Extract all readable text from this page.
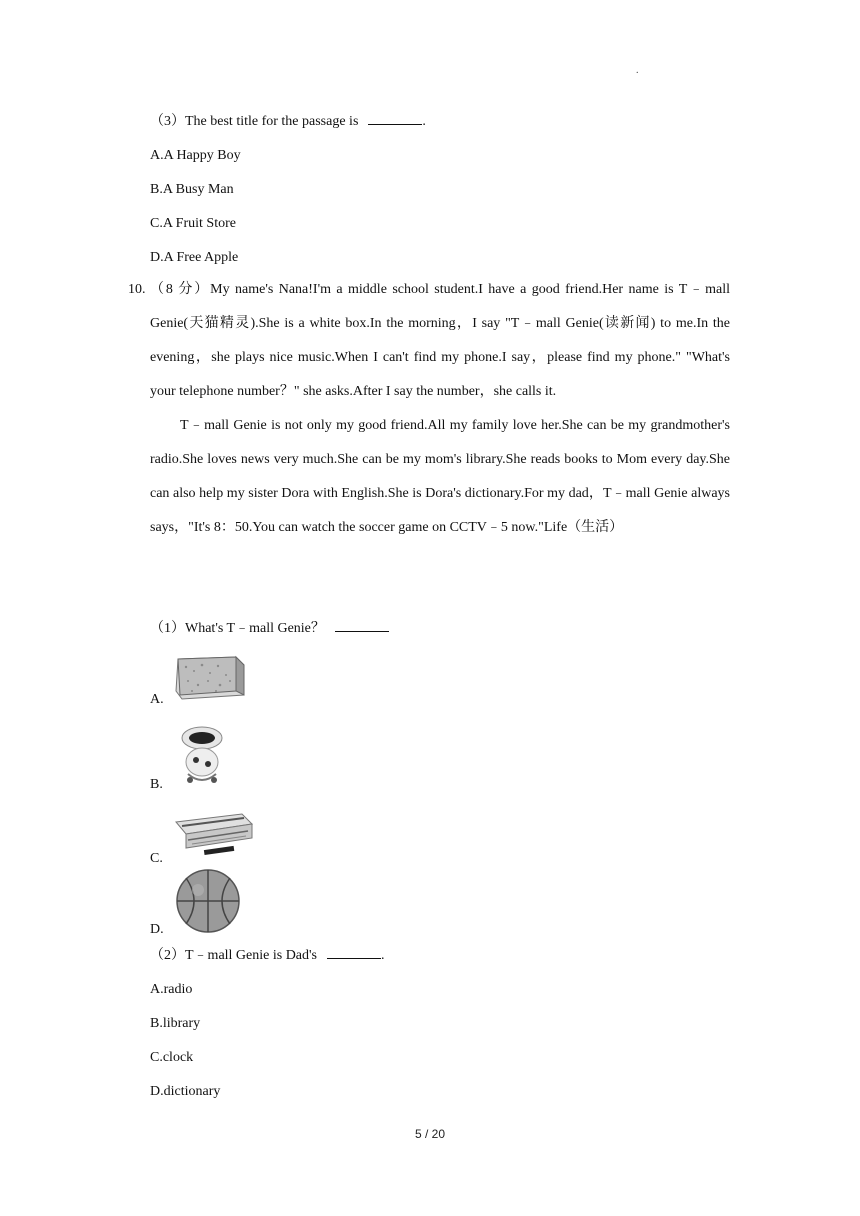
.
（3）The best title for the passage is	.
A.A Happy Boy
B.A Busy Man
C.A Fruit Store
D.A Free Apple
10. （8 分）My name's Nana!I'm a middle school student.I have a good friend.Her name is T﹣mall Genie(天猫精灵).She is a white box.In the morning，I say "T﹣mall Genie(读新闻) to me.In the evening，she plays nice music.When I can't find my phone.I say，please find my phone." "What's your telephone number？" she asks.After I say the number，she calls it.
T﹣mall Genie is not only my good friend.All my family love her.She can be my grandmother's radio.She loves news very much.She can be my mom's library.She reads books to Mom every day.She can also help my sister Dora with English.She is Dora's dictionary.For my dad，T﹣mall Genie always says，"It's 8：50.You can watch the soccer game on CCTV﹣5 now."Life（生活）
（1）What's T﹣mall Genie？
A.
B.
C.
D.
（2）T﹣mall Genie is Dad's	.
A.radio
B.library
C.clock
D.dictionary
5 / 20
